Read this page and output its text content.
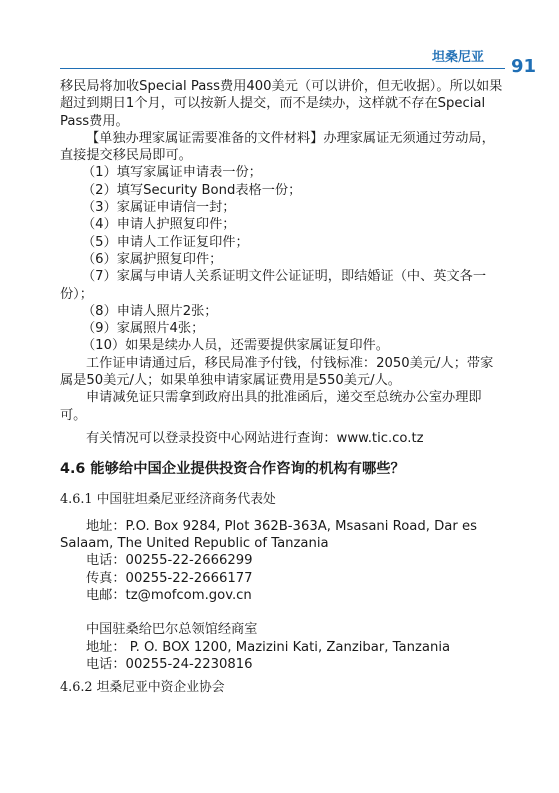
坦桑尼亚 91

移民局将加收Special Pass费用400美元（可以讲价，但无收据）。所以如果超过到期日1个月，可以按新人提交，而不是续办，这样就不存在Special Pass费用。

【单独办理家属证需要准备的文件材料】办理家属证无须通过劳动局，直接提交移民局即可。

（1）填写家属证申请表一份；

（2）填写Security Bond表格一份；

（3）家属证申请信一封；

（4）申请人护照复印件；

（5）申请人工作证复印件；

（6）家属护照复印件；

（7）家属与申请人关系证明文件公证证明，即结婚证（中、英文各一份）；

（8）申请人照片2张；

（9）家属照片4张；

（10）如果是续办人员，还需要提供家属证复印件。

工作证申请通过后，移民局准予付钱，付钱标准：2050美元/人；带家属是50美元/人；如果单独申请家属证费用是550美元/人。

申请减免证只需拿到政府出具的批准函后，递交至总统办公室办理即可。

有关情况可以登录投资中心网站进行查询：www.tic.co.tz

4.6 能够给中国企业提供投资合作咨询的机构有哪些？

4.6.1 中国驻坦桑尼亚经济商务代表处

地址：P.O. Box 9284, Plot 362B-363A, Msasani Road, Dar es Salaam, The United Republic of Tanzania

电话：00255-22-2666299

传真：00255-22-2666177

电邮：tz@mofcom.gov.cn

中国驻桑给巴尔总领馆经商室

地址： P. O. BOX 1200, Mazizini Kati, Zanzibar, Tanzania

电话：00255-24-2230816

4.6.2 坦桑尼亚中资企业协会
